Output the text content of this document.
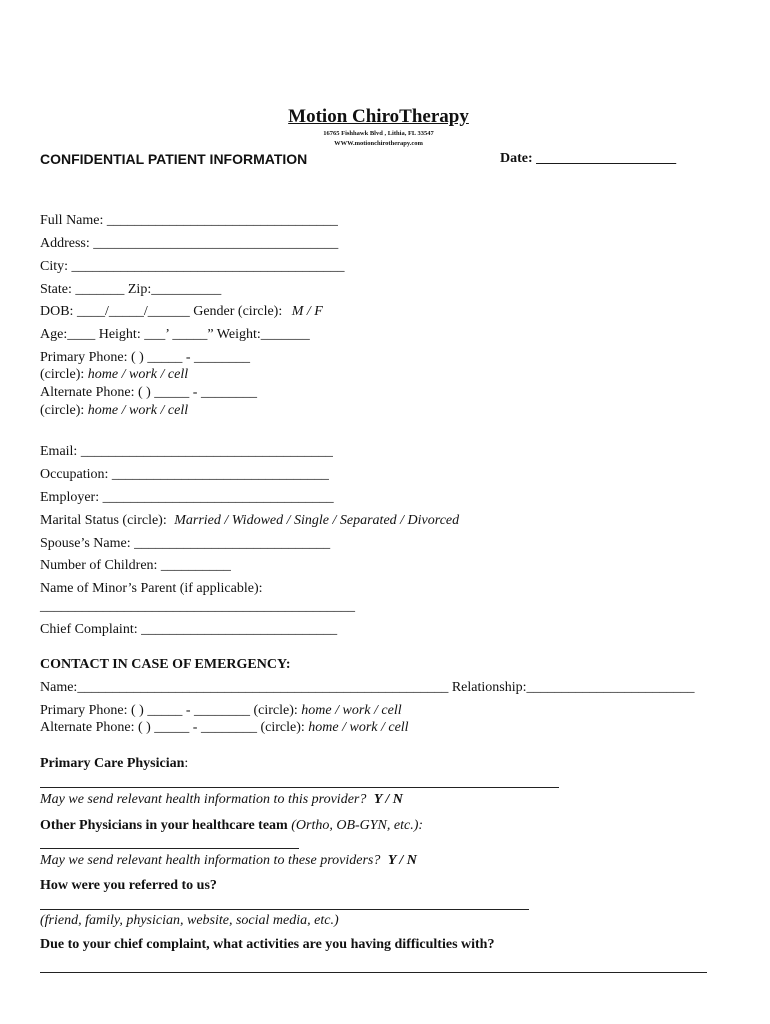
Motion ChiroTherapy
16765 Fishhawk Blvd , Lithia, FL 33547
WWW.motionchirotherapy.com
CONFIDENTIAL PATIENT INFORMATION	Date: ____________________
Full Name: _________________________________
Address: ___________________________________
City: _______________________________________
State: _______ Zip:__________
DOB: ____/_____/______ Gender (circle): M / F
Age:____ Height: ___’ _____” Weight:_______
Primary Phone: ( ) _____ - ________
(circle): home / work / cell
Alternate Phone: ( ) _____ - ________
(circle): home / work / cell
Email: ____________________________________
Occupation: _______________________________
Employer: _________________________________
Marital Status (circle): Married / Widowed / Single / Separated / Divorced
Spouse’s Name: ____________________________
Number of Children: __________
Name of Minor’s Parent (if applicable):
_____________________________________________
Chief Complaint: ____________________________
CONTACT IN CASE OF EMERGENCY:
Name:_____________________________________________________ Relationship:________________________
Primary Phone: ( ) _____ - ________ (circle): home / work / cell
Alternate Phone: ( ) _____ - ________ (circle): home / work / cell
Primary Care Physician:
May we send relevant health information to this provider? Y / N
Other Physicians in your healthcare team (Ortho, OB-GYN, etc.):
May we send relevant health information to these providers? Y / N
How were you referred to us?
(friend, family, physician, website, social media, etc.)
Due to your chief complaint, what activities are you having difficulties with?
